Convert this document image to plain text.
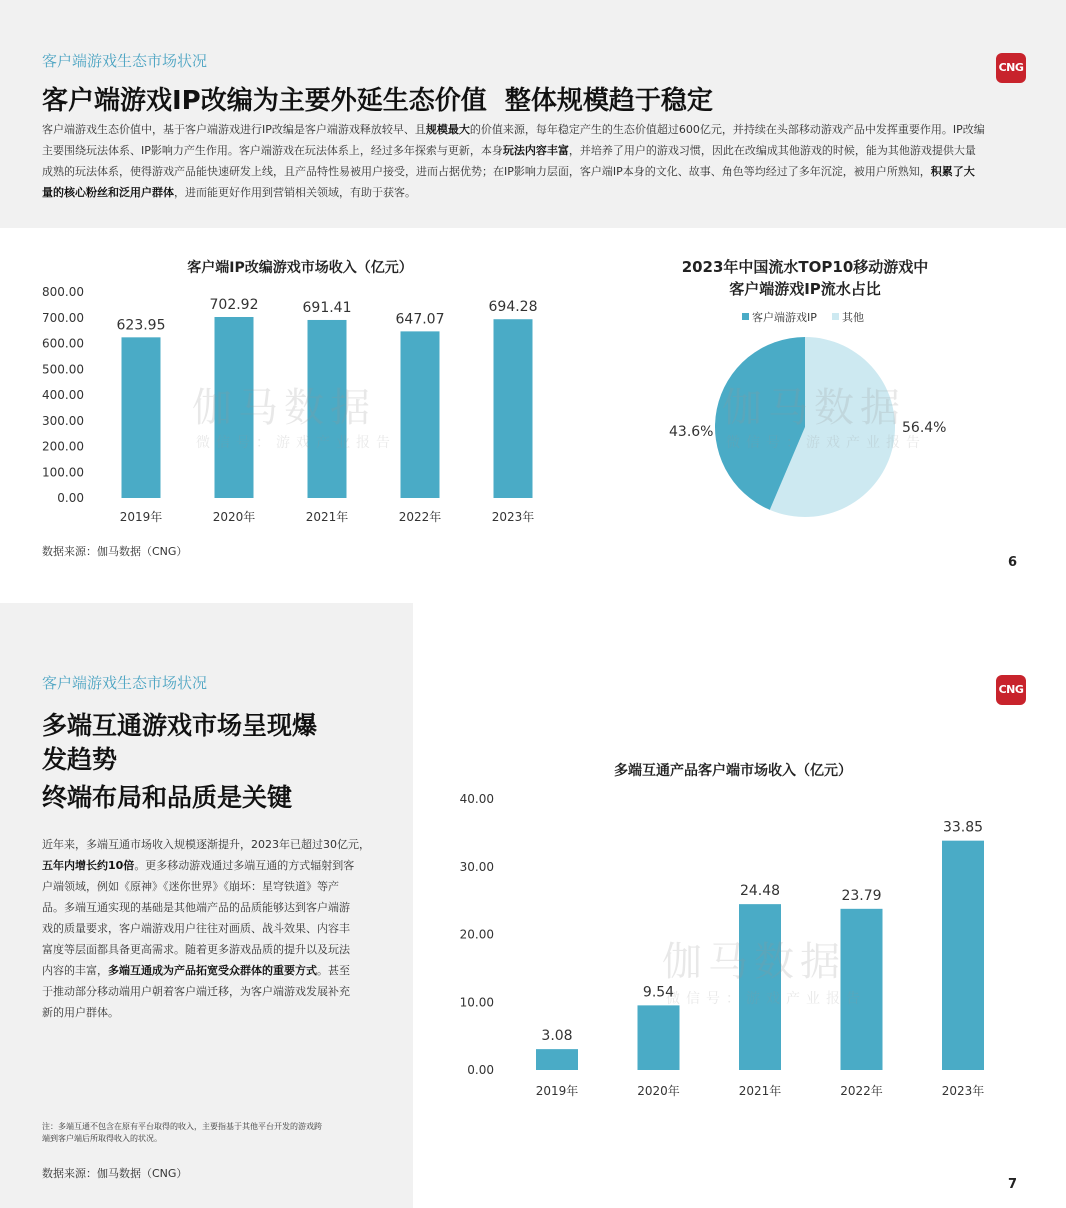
客户端游戏生态市场状况
客户端游戏IP改编为主要外延生态价值  整体规模趋于稳定
CNG
客户端游戏生态价值中，基于客户端游戏进行IP改编是客户端游戏释放较早、且规模最大的价值来源，每年稳定产生的生态价值超过600亿元，并持续在头部移动游戏产品中发挥重要作用。IP改编
主要围绕玩法体系、IP影响力产生作用。客户端游戏在玩法体系上，经过多年探索与更新，本身玩法内容丰富，并培养了用户的游戏习惯，因此在改编成其他游戏的时候，能为其他游戏提供大量
成熟的玩法体系，使得游戏产品能快速研发上线，且产品特性易被用户接受，进而占据优势；在IP影响力层面，客户端IP本身的文化、故事、角色等均经过了多年沉淀，被用户所熟知，积累了大
量的核心粉丝和泛用户群体，进而能更好作用到营销相关领域，有助于获客。
客户端IP改编游戏市场收入（亿元）
0.00
100.00
200.00
300.00
400.00
500.00
600.00
700.00
800.00
623.95
2019年
702.92
2020年
691.41
2021年
647.07
2022年
694.28
2023年
2023年中国流水TOP10移动游戏中
客户端游戏IP流水占比
客户端游戏IP 其他
43.6%	56.4%
数据来源：伽马数据（CNG）
6
伽马数据
微信号：游戏产业报告
伽马数据
微信号：游戏产业报告
客户端游戏生态市场状况
多端互通游戏市场呈现爆
发趋势
终端布局和品质是关键
近年来，多端互通市场收入规模逐渐提升，2023年已超过30亿元，
五年内增长约10倍。更多移动游戏通过多端互通的方式辐射到客
户端领域，例如《原神》《迷你世界》《崩坏：星穹铁道》等产
品。多端互通实现的基础是其他端产品的品质能够达到客户端游
戏的质量要求，客户端游戏用户往往对画质、战斗效果、内容丰
富度等层面都具备更高需求。随着更多游戏品质的提升以及玩法
内容的丰富，多端互通成为产品拓宽受众群体的重要方式。甚至
于推动部分移动端用户朝着客户端迁移，为客户端游戏发展补充
新的用户群体。
注：多端互通不包含在原有平台取得的收入，主要指基于其他平台开发的游戏跨
端到客户端后所取得收入的状况。
数据来源：伽马数据（CNG）
CNG
多端互通产品客户端市场收入（亿元）
0.00
10.00
20.00
30.00
40.00
3.08
2019年
9.54
2020年
24.48
2021年
23.79
2022年
33.85
2023年
7
伽马数据
微信号：游戏产业报告
